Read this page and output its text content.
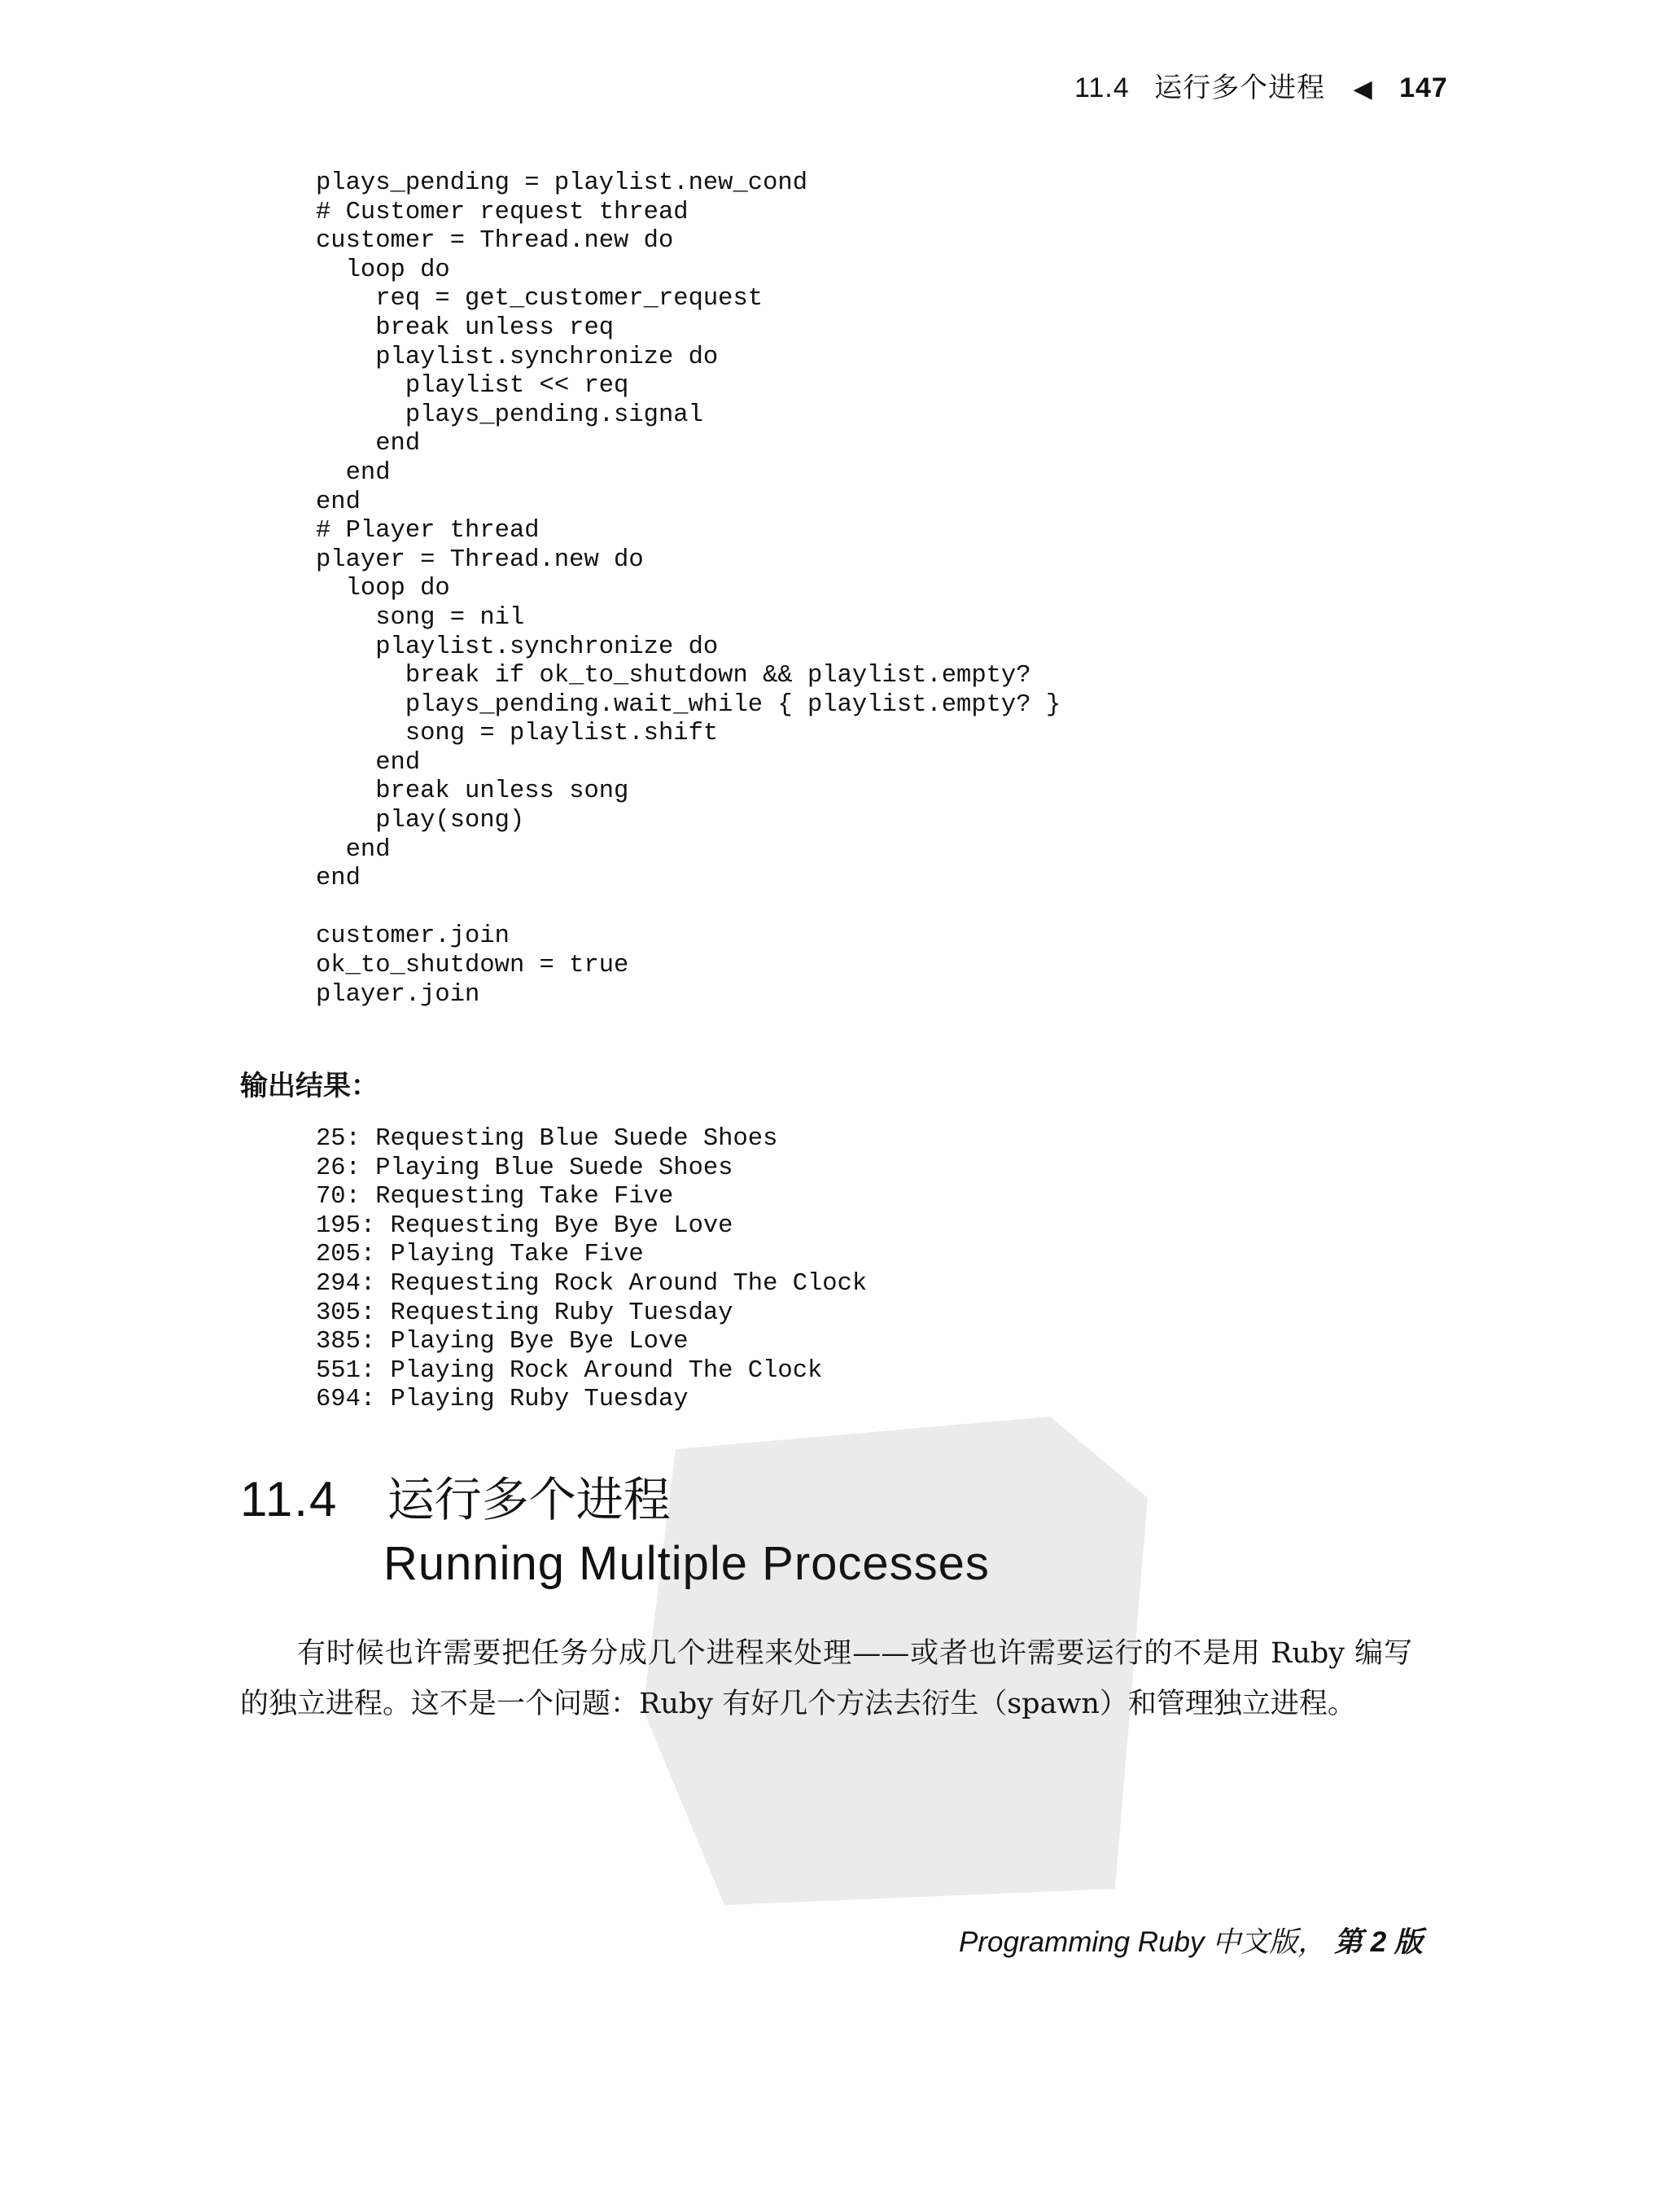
11.4 运行多个进程 ◀ 147
plays_pending = playlist.new_cond
# Customer request thread
customer = Thread.new do
loop do
req = get_customer_request
break unless req
playlist.synchronize do
playlist << req
plays_pending.signal
end
end
end
# Player thread
player = Thread.new do
loop do
song = nil
playlist.synchronize do
break if ok_to_shutdown && playlist.empty?
plays_pending.wait_while { playlist.empty? }
song = playlist.shift
end
break unless song
play(song)
end
end
customer.join
ok_to_shutdown = true
player.join
输出结果：
25: Requesting Blue Suede Shoes
26: Playing Blue Suede Shoes
70: Requesting Take Five
195: Requesting Bye Bye Love
205: Playing Take Five
294: Requesting Rock Around The Clock
305: Requesting Ruby Tuesday
385: Playing Bye Bye Love
551: Playing Rock Around The Clock
694: Playing Ruby Tuesday
11.4 运行多个进程
Running Multiple Processes
有时候也许需要把任务分成几个进程来处理——或者也许需要运行的不是用 Ruby 编写的独立进程。这不是一个问题：Ruby 有好几个方法去衍生（spawn）和管理独立进程。
Programming Ruby 中文版， 第 2 版
